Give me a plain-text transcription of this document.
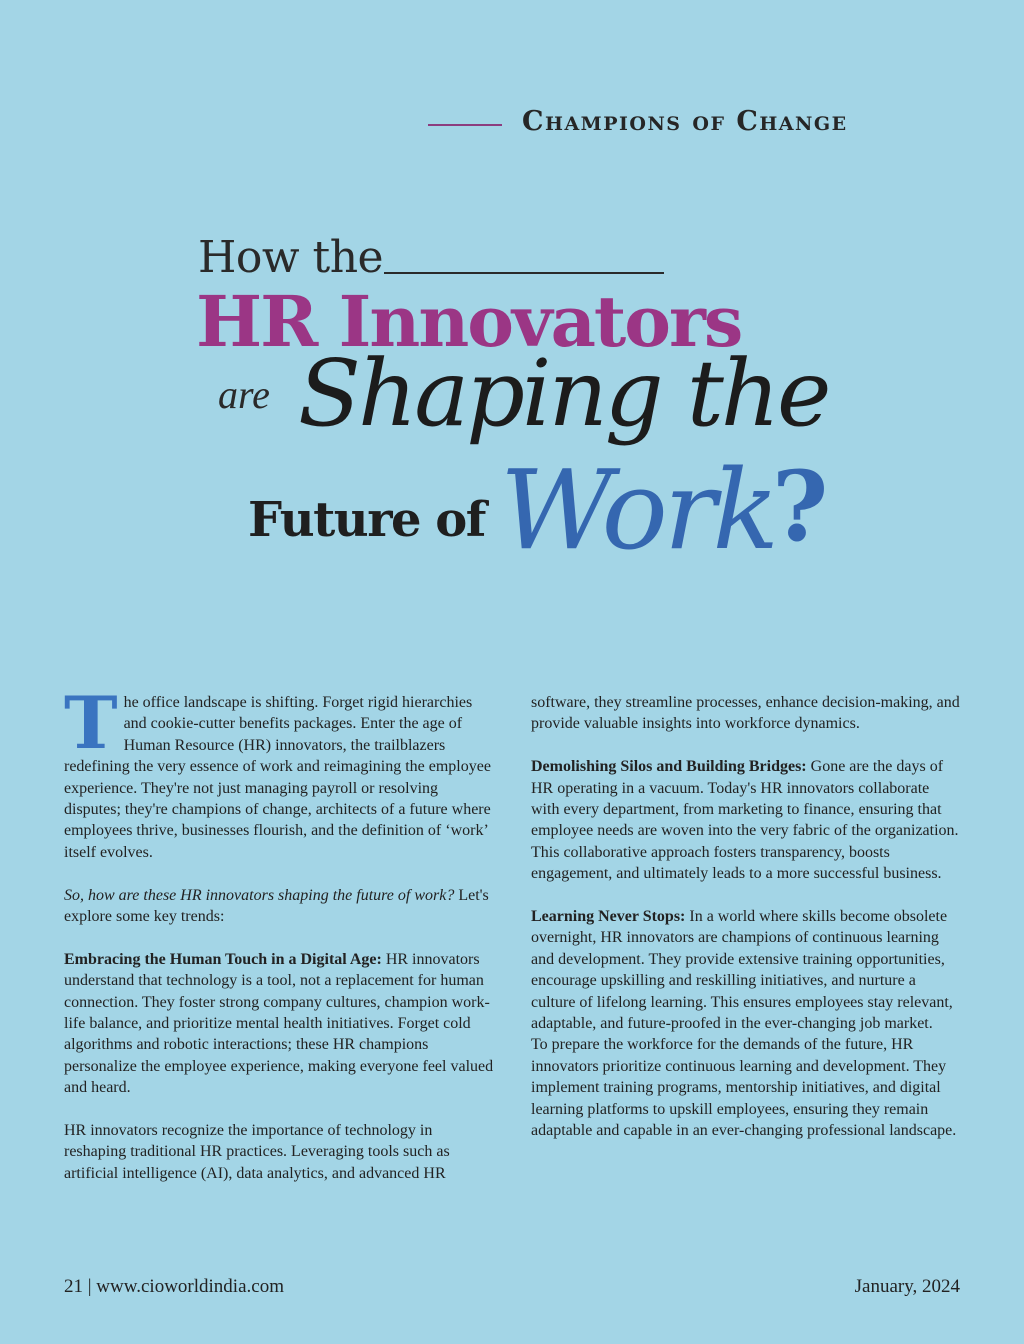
Champions of Change
How the
HR Innovators
are Shaping the
Future of Work
?

The office landscape is shifting. Forget rigid hierarchies and cookie-cutter benefits packages. Enter the age of Human Resource (HR) innovators, the trailblazers redefining the very essence of work and reimagining the employee experience. They're not just managing payroll or resolving disputes; they're champions of change, architects of a future where employees thrive, businesses flourish, and the definition of ‘work’ itself evolves.

So, how are these HR innovators shaping the future of work? Let's explore some key trends:

Embracing the Human Touch in a Digital Age: HR innovators understand that technology is a tool, not a replacement for human connection. They foster strong company cultures, champion work-life balance, and prioritize mental health initiatives. Forget cold algorithms and robotic interactions; these HR champions personalize the employee experience, making everyone feel valued and heard.

HR innovators recognize the importance of technology in reshaping traditional HR practices. Leveraging tools such as artificial intelligence (AI), data analytics, and advanced HR

software, they streamline processes, enhance decision-making, and provide valuable insights into workforce dynamics.

Demolishing Silos and Building Bridges: Gone are the days of HR operating in a vacuum. Today's HR innovators collaborate with every department, from marketing to finance, ensuring that employee needs are woven into the very fabric of the organization. This collaborative approach fosters transparency, boosts engagement, and ultimately leads to a more successful business.

Learning Never Stops: In a world where skills become obsolete overnight, HR innovators are champions of continuous learning and development. They provide extensive training opportunities, encourage upskilling and reskilling initiatives, and nurture a culture of lifelong learning. This ensures employees stay relevant, adaptable, and future-proofed in the ever-changing job market.

To prepare the workforce for the demands of the future, HR innovators prioritize continuous learning and development. They implement training programs, mentorship initiatives, and digital learning platforms to upskill employees, ensuring they remain adaptable and capable in an ever-changing professional landscape.

21 | www.cioworldindia.com	January, 2024
